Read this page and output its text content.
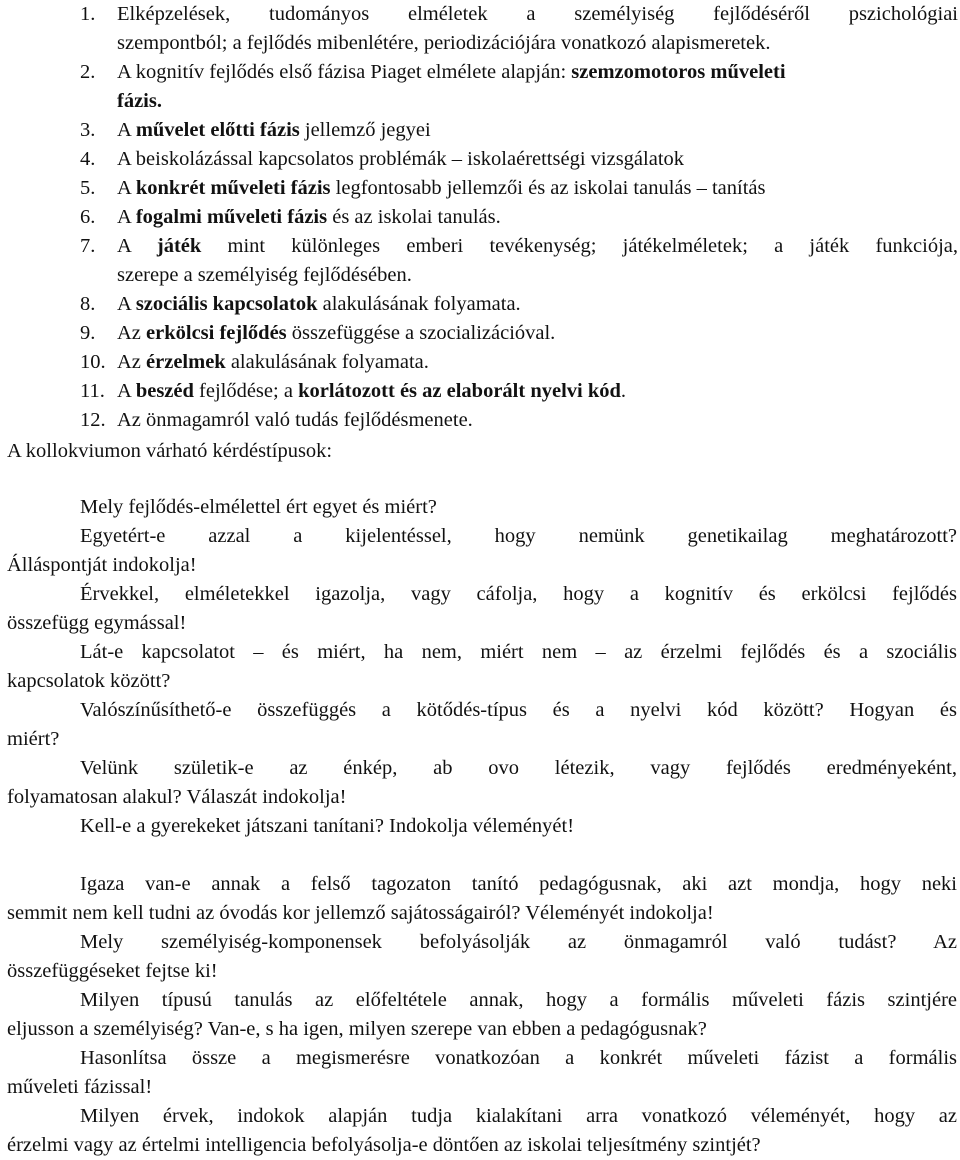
1. Elképzelések, tudományos elméletek a személyiség fejlődéséről pszichológiai
szempontból; a fejlődés mibenlétére, periodizációjára vonatkozó alapismeretek.
2. A kognitív fejlődés első fázisa Piaget elmélete alapján: szemzomotoros műveleti
fázis.
3. A művelet előtti fázis jellemző jegyei
4. A beiskolázással kapcsolatos problémák – iskolaérettségi vizsgálatok
5. A konkrét műveleti fázis legfontosabb jellemzői és az iskolai tanulás – tanítás
6. A fogalmi műveleti fázis és az iskolai tanulás.
7. A játék mint különleges emberi tevékenység; játékelméletek; a játék funkciója,
szerepe a személyiség fejlődésében.
8. A szociális kapcsolatok alakulásának folyamata.
9. Az erkölcsi fejlődés összefüggése a szocializációval.
10. Az érzelmek alakulásának folyamata.
11. A beszéd fejlődése; a korlátozott és az elaborált nyelvi kód.
12. Az önmagamról való tudás fejlődésmenete.
A kollokviumon várható kérdéstípusok:
Mely fejlődés-elmélettel ért egyet és miért?
Egyetért-e azzal a kijelentéssel, hogy nemünk genetikailag meghatározott?
Álláspontját indokolja!
Érvekkel, elméletekkel igazolja, vagy cáfolja, hogy a kognitív és erkölcsi fejlődés
összefügg egymással!
Lát-e kapcsolatot – és miért, ha nem, miért nem – az érzelmi fejlődés és a szociális
kapcsolatok között?
Valószínűsíthető-e összefüggés a kötődés-típus és a nyelvi kód között? Hogyan és
miért?
Velünk születik-e az énkép, ab ovo létezik, vagy fejlődés eredményeként,
folyamatosan alakul? Válaszát indokolja!
Kell-e a gyerekeket játszani tanítani? Indokolja véleményét!
Igaza van-e annak a felső tagozaton tanító pedagógusnak, aki azt mondja, hogy neki
semmit nem kell tudni az óvodás kor jellemző sajátosságairól? Véleményét indokolja!
Mely személyiség-komponensek befolyásolják az önmagamról való tudást? Az
összefüggéseket fejtse ki!
Milyen típusú tanulás az előfeltétele annak, hogy a formális műveleti fázis szintjére
eljusson a személyiség? Van-e, s ha igen, milyen szerepe van ebben a pedagógusnak?
Hasonlítsa össze a megismerésre vonatkozóan a konkrét műveleti fázist a formális
műveleti fázissal!
Milyen érvek, indokok alapján tudja kialakítani arra vonatkozó véleményét, hogy az
érzelmi vagy az értelmi intelligencia befolyásolja-e döntően az iskolai teljesítmény szintjét?
